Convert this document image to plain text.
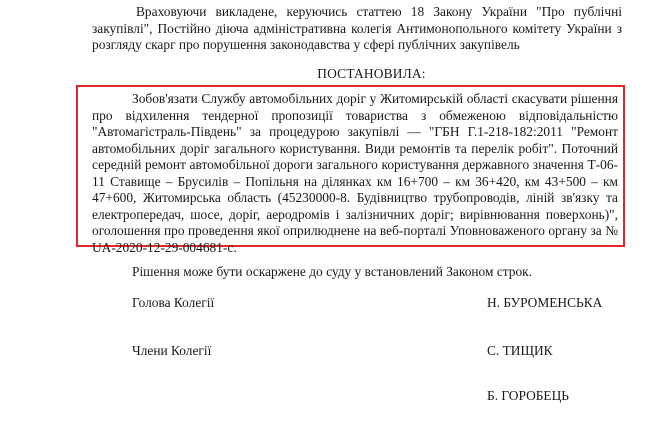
Враховуючи викладене, керуючись статтею 18 Закону України "Про публічні закупівлі", Постійно діюча адміністративна колегія Антимонопольного комітету України з розгляду скарг про порушення законодавства у сфері публічних закупівель

ПОСТАНОВИЛА:

Зобов'язати Службу автомобільних доріг у Житомирській області скасувати рішення про відхилення тендерної пропозиції товариства з обмеженою відповідальністю "Автомагістраль-Південь" за процедурою закупівлі — "ГБН Г.1-218-182:2011 "Ремонт автомобільних доріг загального користування. Види ремонтів та перелік робіт". Поточний середній ремонт автомобільної дороги загального користування державного значення Т-06-11 Ставище – Брусилів – Попільня на ділянках км 16+700 – км 36+420, км 43+500 – км 47+600, Житомирська область (45230000-8. Будівництво трубопроводів, ліній зв'язку та електропередач, шосе, доріг, аеродромів і залізничних доріг; вирівнювання поверхонь)", оголошення про проведення якої оприлюднене на веб-порталі Уповноваженого органу за № UA-2020-12-29-004681-с.

Рішення може бути оскаржене до суду у встановлений Законом строк.

Голова Колегії	Н. БУРОМЕНСЬКА

Члени Колегії	С. ТИЩИК

Б. ГОРОБЕЦЬ
